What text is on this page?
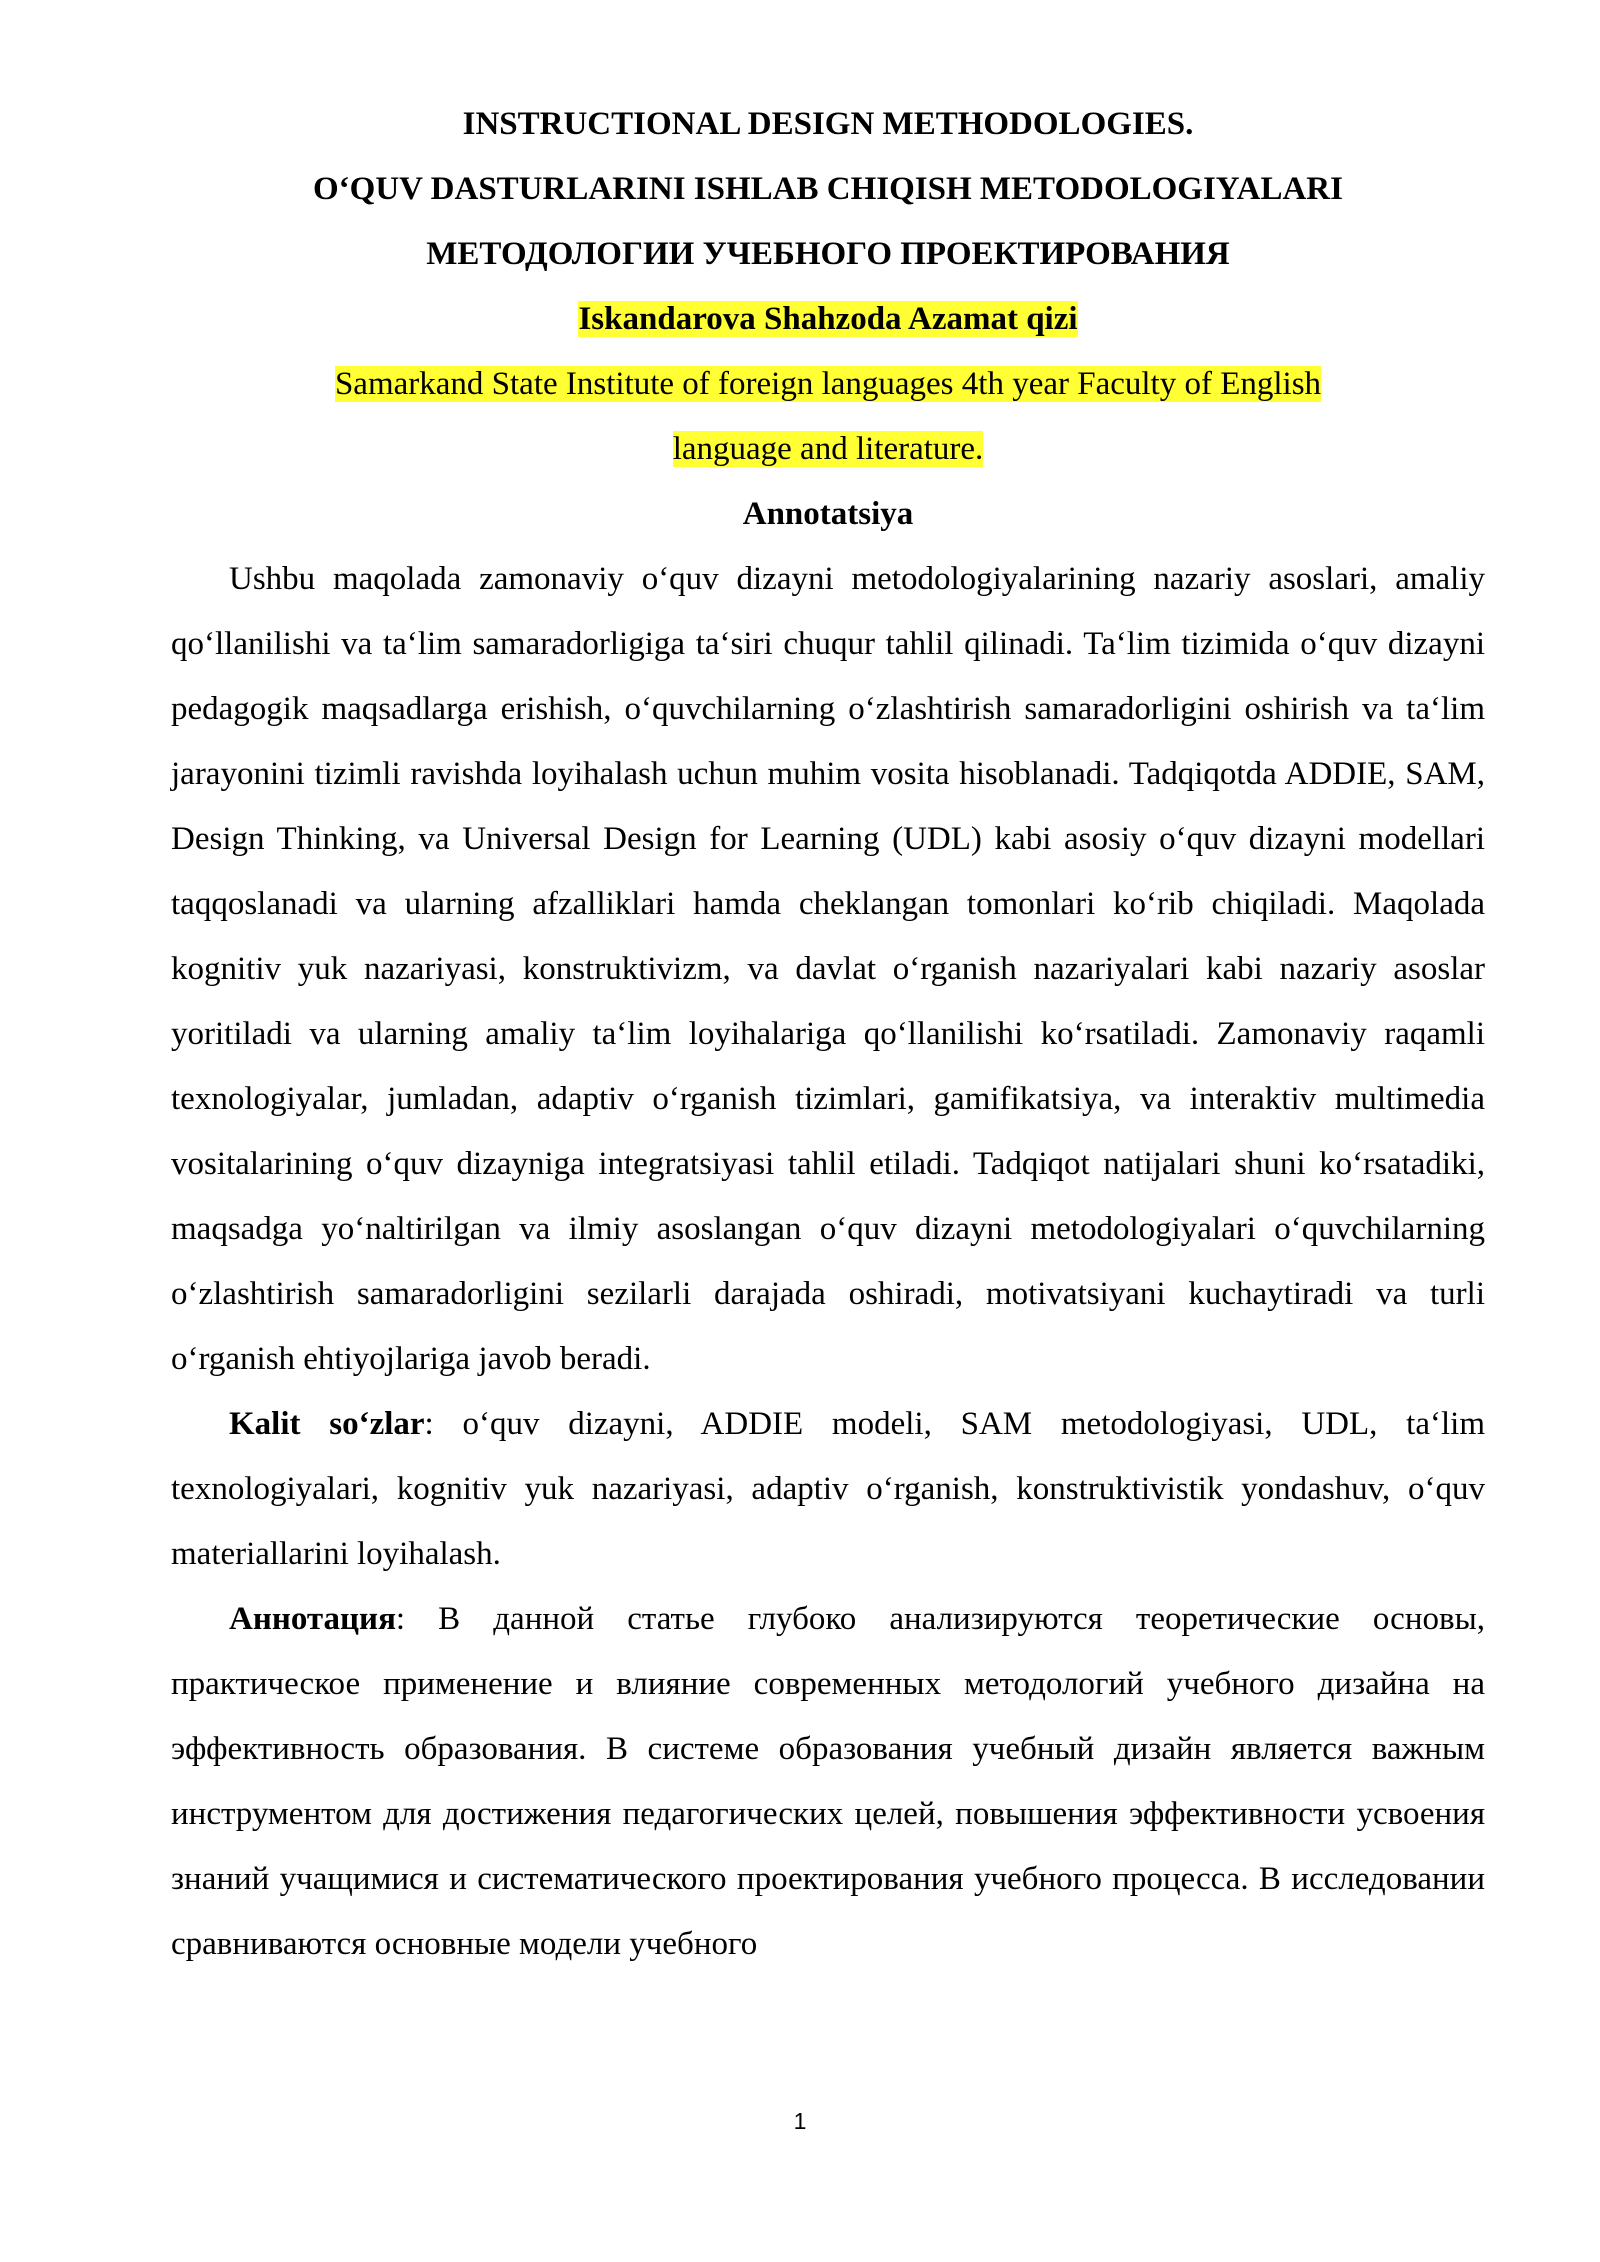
INSTRUCTIONAL DESIGN METHODOLOGIES.
O‘QUV DASTURLARINI ISHLAB CHIQISH METODOLOGIYALARI
МЕТОДОЛОГИИ УЧЕБНОГО ПРОЕКТИРОВАНИЯ
Iskandarova Shahzoda Azamat qizi
Samarkand State Institute of foreign languages 4th year Faculty of English
language and literature.
Annotatsiya

Ushbu maqolada zamonaviy o‘quv dizayni metodologiyalarining nazariy asoslari, amaliy qo‘llanilishi va ta‘lim samaradorligiga ta‘siri chuqur tahlil qilinadi. Ta‘lim tizimida o‘quv dizayni pedagogik maqsadlarga erishish, o‘quvchilarning o‘zlashtirish samaradorligini oshirish va ta‘lim jarayonini tizimli ravishda loyihalash uchun muhim vosita hisoblanadi. Tadqiqotda ADDIE, SAM, Design Thinking, va Universal Design for Learning (UDL) kabi asosiy o‘quv dizayni modellari taqqoslanadi va ularning afzalliklari hamda cheklangan tomonlari ko‘rib chiqiladi. Maqolada kognitiv yuk nazariyasi, konstruktivizm, va davlat o‘rganish nazariyalari kabi nazariy asoslar yoritiladi va ularning amaliy ta‘lim loyihalariga qo‘llanilishi ko‘rsatiladi. Zamonaviy raqamli texnologiyalar, jumladan, adaptiv o‘rganish tizimlari, gamifikatsiya, va interaktiv multimedia vositalarining o‘quv dizayniga integratsiyasi tahlil etiladi. Tadqiqot natijalari shuni ko‘rsatadiki, maqsadga yo‘naltirilgan va ilmiy asoslangan o‘quv dizayni metodologiyalari o‘quvchilarning o‘zlashtirish samaradorligini sezilarli darajada oshiradi, motivatsiyani kuchaytiradi va turli o‘rganish ehtiyojlariga javob beradi.

Kalit so‘zlar: o‘quv dizayni, ADDIE modeli, SAM metodologiyasi, UDL, ta‘lim texnologiyalari, kognitiv yuk nazariyasi, adaptiv o‘rganish, konstruktivistik yondashuv, o‘quv materiallarini loyihalash.

Аннотация: В данной статье глубоко анализируются теоретические основы, практическое применение и влияние современных методологий учебного дизайна на эффективность образования. В системе образования учебный дизайн является важным инструментом для достижения педагогических целей, повышения эффективности усвоения знаний учащимися и систематического проектирования учебного процесса. В исследовании сравниваются основные модели учебного

1
